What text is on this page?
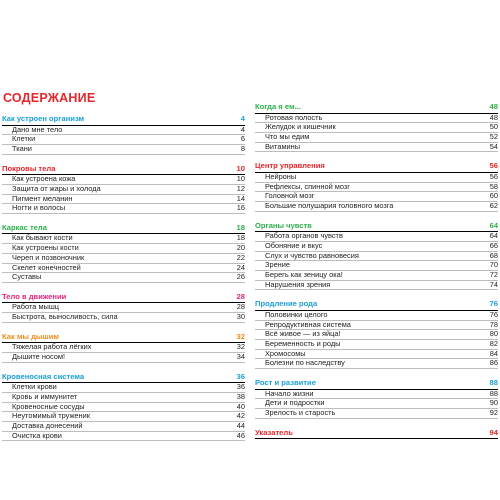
СОДЕРЖАНИЕ
Как устроен организм	4
Дано мне тело	4
Клетки	6
Ткани	8
Покровы тела	10
Как устроена кожа	10
Защита от жары и холода	12
Пигмент меланин	14
Ногти и волосы	16
Каркас тела	18
Как бывают кости	18
Как устроены кости	20
Череп и позвоночник	22
Скелет конечностей	24
Суставы	26
Тело в движении	28
Работа мышц	28
Быстрота, выносливость, сила	30
Как мы дышим	32
Тяжелая работа лёгких	32
Дышите носом!	34
Кровеносная система	36
Клетки крови	36
Кровь и иммунитет	38
Кровеносные сосуды	40
Неутомимый труженик	42
Доставка донесений	44
Очистка крови	46
Когда я ем...	48
Ротовая полость	48
Желудок и кишечник	50
Что мы едим	52
Витамины	54
Центр управления	56
Нейроны	56
Рефлексы, спинной мозг	58
Головной мозг	60
Большие полушария головного мозга	62
Органы чувств	64
Работа органов чувств	64
Обоняние и вкус	66
Слух и чувство равновесия	68
Зрение	70
Берегь как зеницу ока!	72
Нарушения зрения	74
Продление рода	76
Половинки целого	76
Репродуктивная система	78
Всё живое — из яйца!	80
Беременность и роды	82
Хромосомы	84
Болезни по наследству	86
Рост и развитие	88
Начало жизни	88
Дети и подростки	90
Зрелость и старость	92
Указатель	94
